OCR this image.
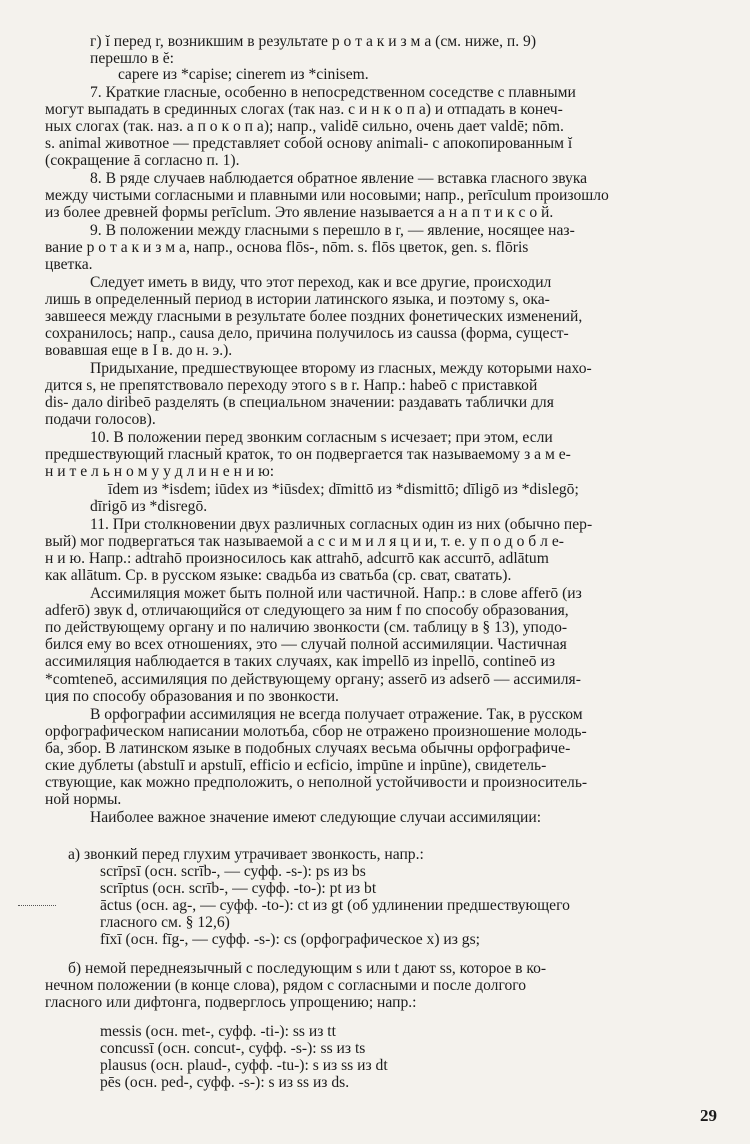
29
г) ĭ перед r, возникшим в результате р о т а к и з м а (см. ниже, п. 9)
перешло в ĕ:
capere из *capise; cinerem из *cinisem.
7. Краткие гласные, особенно в непосредственном соседстве с плавными
могут выпадать в срединных слогах (так наз. с и н к о п а) и отпадать в конеч-
ных слогах (так. наз. а п о к о п а); напр., validē сильно, очень дает valdē; nōm.
s. animal животное — представляет собой основу animali- с апокопированным ĭ
(сокращение ā согласно п. 1).
8. В ряде случаев наблюдается обратное явление — вставка гласного звука
между чистыми согласными и плавными или носовыми; напр., perīculum произошло
из более древней формы perīclum. Это явление называется а н а п т и к с о й.
9. В положении между гласными s перешло в r, — явление, носящее наз-
вание р о т а к и з м а, напр., основа flōs-, nōm. s. flōs цветок, gen. s. flōris
цветка.
Следует иметь в виду, что этот переход, как и все другие, происходил
лишь в определенный период в истории латинского языка, и поэтому s, ока-
завшееся между гласными в результате более поздних фонетических изменений,
сохранилось; напр., causa дело, причина получилось из caussa (форма, сущест-
вовавшая еще в I в. до н. э.).
Придыхание, предшествующее второму из гласных, между которыми нахо-
дится s, не препятствовало переходу этого s в r. Напр.: habeō с приставкой
dis- дало diribeō разделять (в специальном значении: раздавать таблички для
подачи голосов).
10. В положении перед звонким согласным s исчезает; при этом, если
предшествующий гласный краток, то он подвергается так называемому з а м е-
н и т е л ь н о м у у д л и н е н и ю:
īdem из *isdem; iūdex из *iūsdex; dīmittō из *dismittō; dīligō из *dislegō;
dīrigō из *disregō.
11. При столкновении двух различных согласных один из них (обычно пер-
вый) мог подвергаться так называемой а с с и м и л я ц и и, т. е. у п о д о б л е-
н и ю. Напр.: adtrahō произносилось как attrahō, adcurrō как accurrō, adlātum
как allātum. Ср. в русском языке: свадьба из сватьба (ср. сват, сватать).
Ассимиляция может быть полной или частичной. Напр.: в слове afferō (из
adferō) звук d, отличающийся от следующего за ним f по способу образования,
по действующему органу и по наличию звонкости (см. таблицу в § 13), уподо-
бился ему во всех отношениях, это — случай полной ассимиляции. Частичная
ассимиляция наблюдается в таких случаях, как impellō из inpellō, contineō из
*comteneō, ассимиляция по действующему органу; asserō из adserō — ассимиля-
ция по способу образования и по звонкости.
В орфографии ассимиляция не всегда получает отражение. Так, в русском
орфографическом написании молотьба, сбор не отражено произношение молодь-
ба, збор. В латинском языке в подобных случаях весьма обычны орфографиче-
ские дублеты (abstulī и apstulī, efficio и ecficio, impūne и inpūne), свидетель-
ствующие, как можно предположить, о неполной устойчивости и произноситель-
ной нормы.
Наиболее важное значение имеют следующие случаи ассимиляции:
а) звонкий перед глухим утрачивает звонкость, напр.:
scrīpsī (осн. scrīb-, — суфф. -s-): ps из bs
scrīptus (осн. scrīb-, — суфф. -to-): pt из bt
āctus (осн. ag-, — суфф. -to-): ct из gt (об удлинении предшествующего
гласного см. § 12,6)
fīxī (осн. fīg-, — суфф. -s-): cs (орфографическое x) из gs;
б) немой переднеязычный с последующим s или t дают ss, которое в ко-
нечном положении (в конце слова), рядом с согласными и после долгого
гласного или дифтонга, подверглось упрощению; напр.:
messis (осн. met-, суфф. -ti-): ss из tt
concussī (осн. concut-, суфф. -s-): ss из ts
plausus (осн. plaud-, суфф. -tu-): s из ss из dt
pēs (осн. ped-, суфф. -s-): s из ss из ds.
